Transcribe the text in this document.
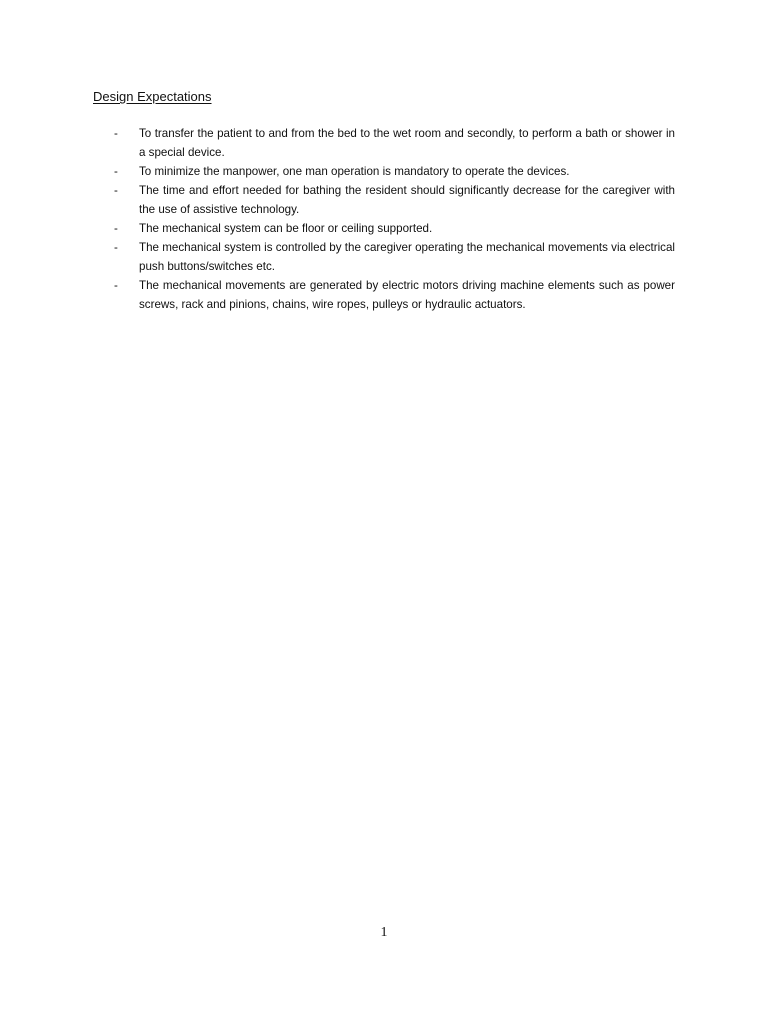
Design Expectations
- To transfer the patient to and from the bed to the wet room and secondly, to perform a bath or shower in a special device.
- To minimize the manpower, one man operation is mandatory to operate the devices.
- The time and effort needed for bathing the resident should significantly decrease for the caregiver with the use of assistive technology.
- The mechanical system can be floor or ceiling supported.
- The mechanical system is controlled by the caregiver operating the mechanical movements via electrical push buttons/switches etc.
- The mechanical movements are generated by electric motors driving machine elements such as power screws, rack and pinions, chains, wire ropes, pulleys or hydraulic actuators.
1
